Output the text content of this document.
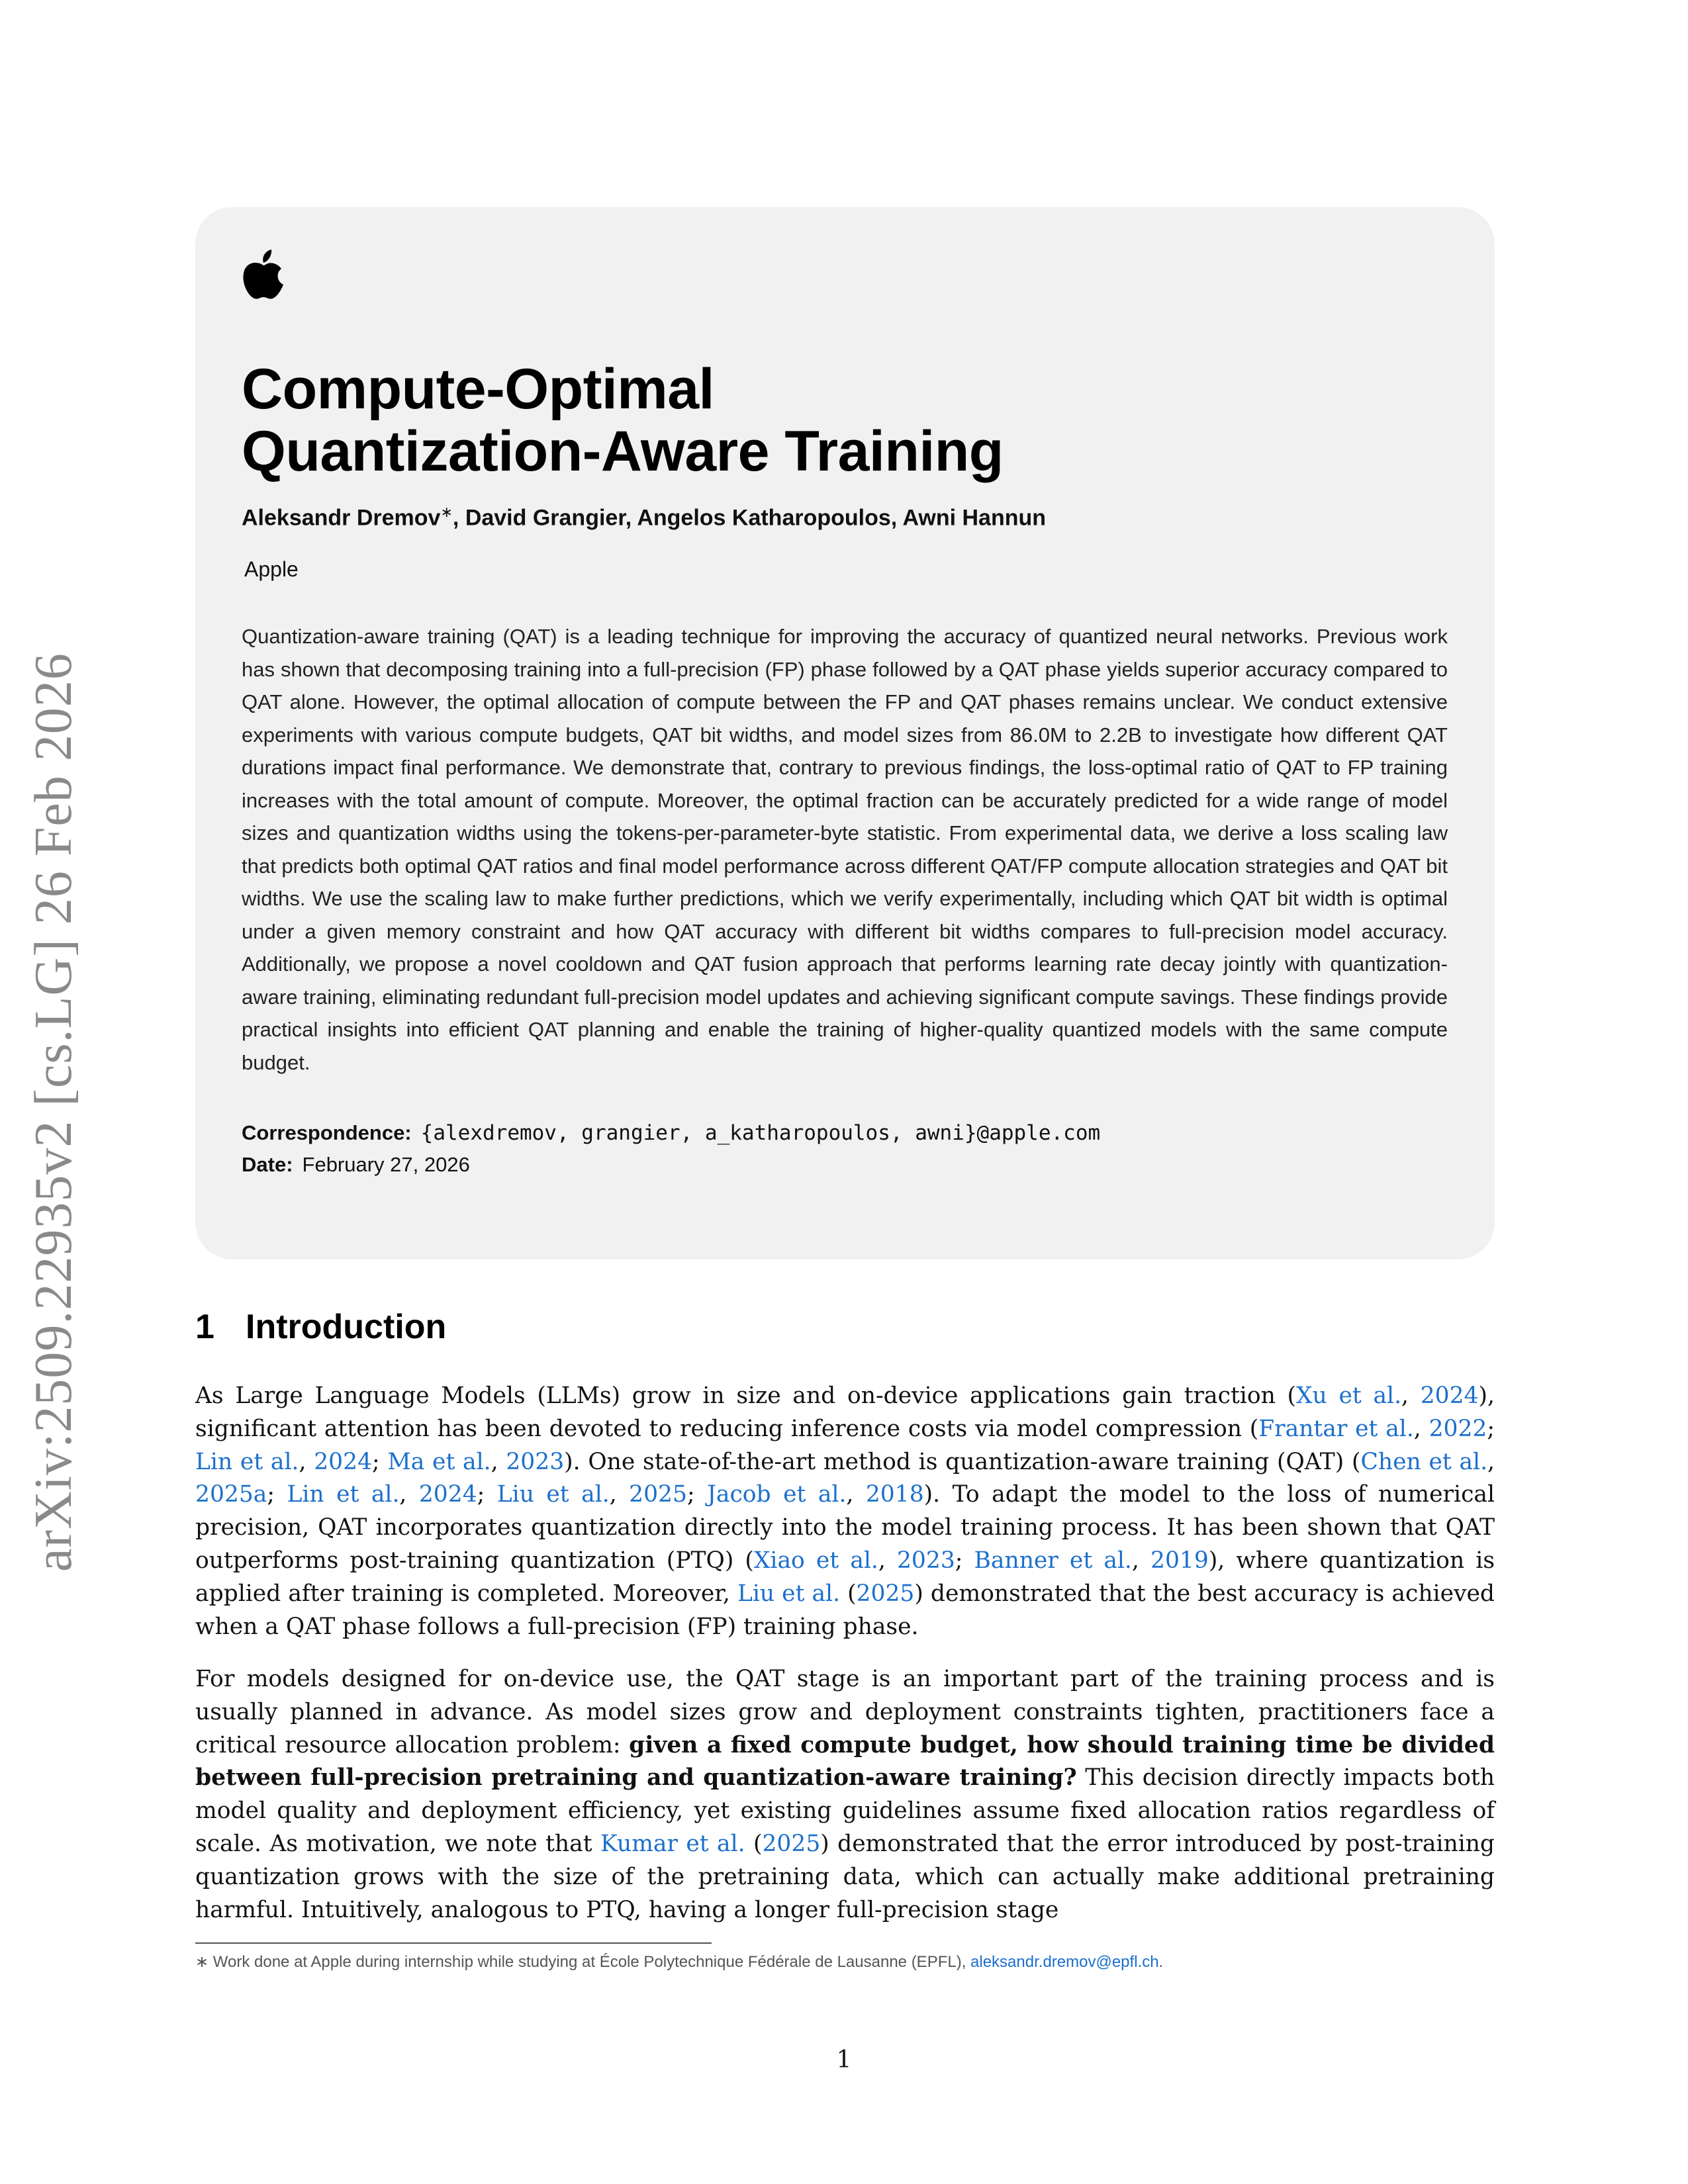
arXiv:2509.22935v2 [cs.LG] 26 Feb 2026
Compute-Optimal
Quantization-Aware Training
Aleksandr Dremov∗, David Grangier, Angelos Katharopoulos, Awni Hannun
Apple
Quantization-aware training (QAT) is a leading technique for improving the accuracy of quantized neural networks. Previous work has shown that decomposing training into a full-precision (FP) phase followed by a QAT phase yields superior accuracy compared to QAT alone. However, the optimal allocation of compute between the FP and QAT phases remains unclear. We conduct extensive experiments with various compute budgets, QAT bit widths, and model sizes from 86.0M to 2.2B to investigate how different QAT durations impact final performance. We demonstrate that, contrary to previous findings, the loss-optimal ratio of QAT to FP training increases with the total amount of compute. Moreover, the optimal fraction can be accurately predicted for a wide range of model sizes and quantization widths using the tokens-per-parameter-byte statistic. From experimental data, we derive a loss scaling law that predicts both optimal QAT ratios and final model performance across different QAT/FP compute allocation strategies and QAT bit widths. We use the scaling law to make further predictions, which we verify experimentally, including which QAT bit width is optimal under a given memory constraint and how QAT accuracy with different bit widths compares to full-precision model accuracy. Additionally, we propose a novel cooldown and QAT fusion approach that performs learning rate decay jointly with quantization-aware training, eliminating redundant full-precision model updates and achieving significant compute savings. These findings provide practical insights into efficient QAT planning and enable the training of higher-quality quantized models with the same compute budget.
Correspondence: {alexdremov, grangier, a_katharopoulos, awni}@apple.com
Date: February 27, 2026
1 Introduction
As Large Language Models (LLMs) grow in size and on-device applications gain traction (Xu et al., 2024), significant attention has been devoted to reducing inference costs via model compression (Frantar et al., 2022; Lin et al., 2024; Ma et al., 2023). One state-of-the-art method is quantization-aware training (QAT) (Chen et al., 2025a; Lin et al., 2024; Liu et al., 2025; Jacob et al., 2018). To adapt the model to the loss of numerical precision, QAT incorporates quantization directly into the model training process. It has been shown that QAT outperforms post-training quantization (PTQ) (Xiao et al., 2023; Banner et al., 2019), where quantization is applied after training is completed. Moreover, Liu et al. (2025) demonstrated that the best accuracy is achieved when a QAT phase follows a full-precision (FP) training phase.
For models designed for on-device use, the QAT stage is an important part of the training process and is usually planned in advance. As model sizes grow and deployment constraints tighten, practitioners face a critical resource allocation problem: given a fixed compute budget, how should training time be divided between full-precision pretraining and quantization-aware training? This decision directly impacts both model quality and deployment efficiency, yet existing guidelines assume fixed allocation ratios regardless of scale. As motivation, we note that Kumar et al. (2025) demonstrated that the error introduced by post-training quantization grows with the size of the pretraining data, which can actually make additional pretraining harmful. Intuitively, analogous to PTQ, having a longer full-precision stage
∗ Work done at Apple during internship while studying at École Polytechnique Fédérale de Lausanne (EPFL), aleksandr.dremov@epfl.ch.
1
